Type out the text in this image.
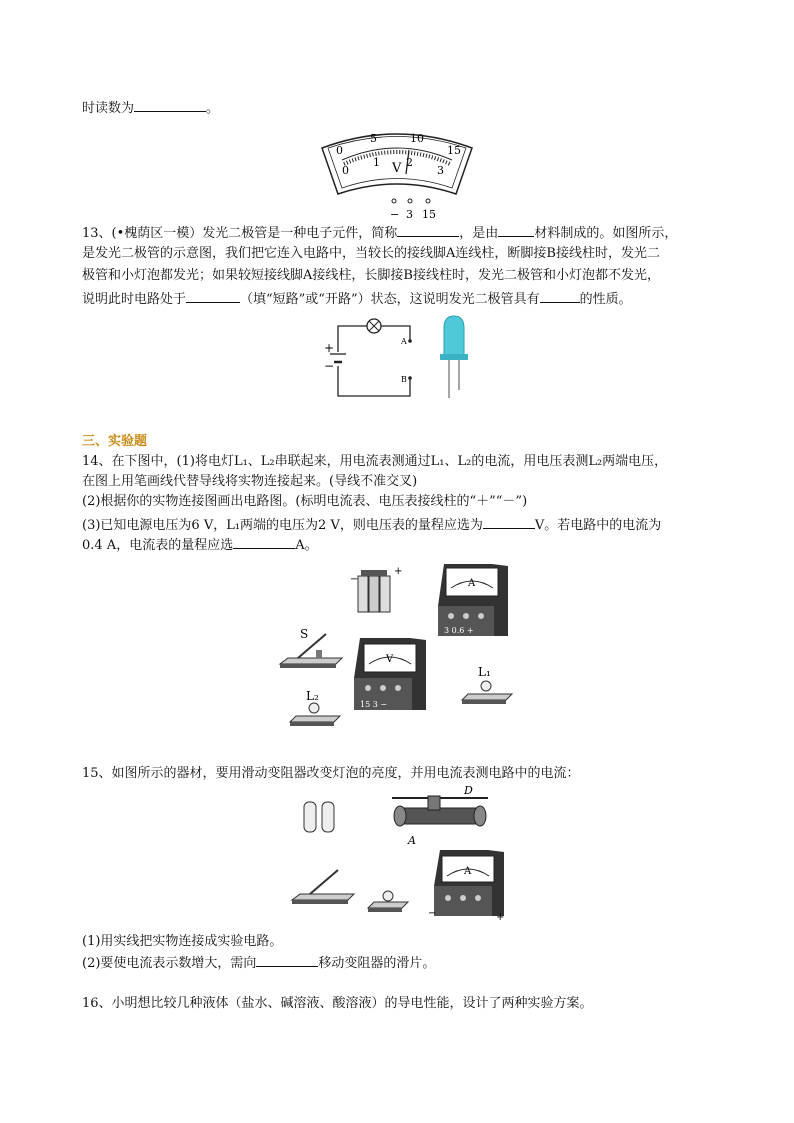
时读数为	。
0
5	10
15
0
1 2
3
V
− 3 15
13、(•槐荫区一模）发光二极管是一种电子元件，简称	，是由	材料制成的。如图所示，
是发光二极管的示意图，我们把它连入电路中，当较长的接线脚A连线柱，断脚接B接线柱时，发光二
极管和小灯泡都发光；如果较短接线脚A接线柱，长脚接B接线柱时，发光二极管和小灯泡都不发光，
说明此时电路处于	（填“短路”或“开路”）状态，这说明发光二极管具有	的性质。
+
−
A
B
三、实验题
14、在下图中，(1)将电灯L₁、L₂串联起来，用电流表测通过L₁、L₂的电流，用电压表测L₂两端电压，
在图上用笔画线代替导线将实物连接起来。(导线不准交叉)
(2)根据你的实物连接图画出电路图。(标明电流表、电压表接线柱的“＋”“－”)
(3)已知电源电压为6 V，L₁两端的电压为2 V，则电压表的量程应选为	V。若电路中的电流为
0.4 A，电流表的量程应选	A。
−
+
A
3 0.6 +
S
V
15 3 −
L₁
L₂
15、如图所示的器材，要用滑动变阻器改变灯泡的亮度，并用电流表测电路中的电流：
D
A
A
−	+
(1)用实线把实物连接成实验电路。
(2)要使电流表示数增大，需向	移动变阻器的滑片。
16、小明想比较几种液体（盐水、碱溶液、酸溶液）的导电性能，设计了两种实验方案。
